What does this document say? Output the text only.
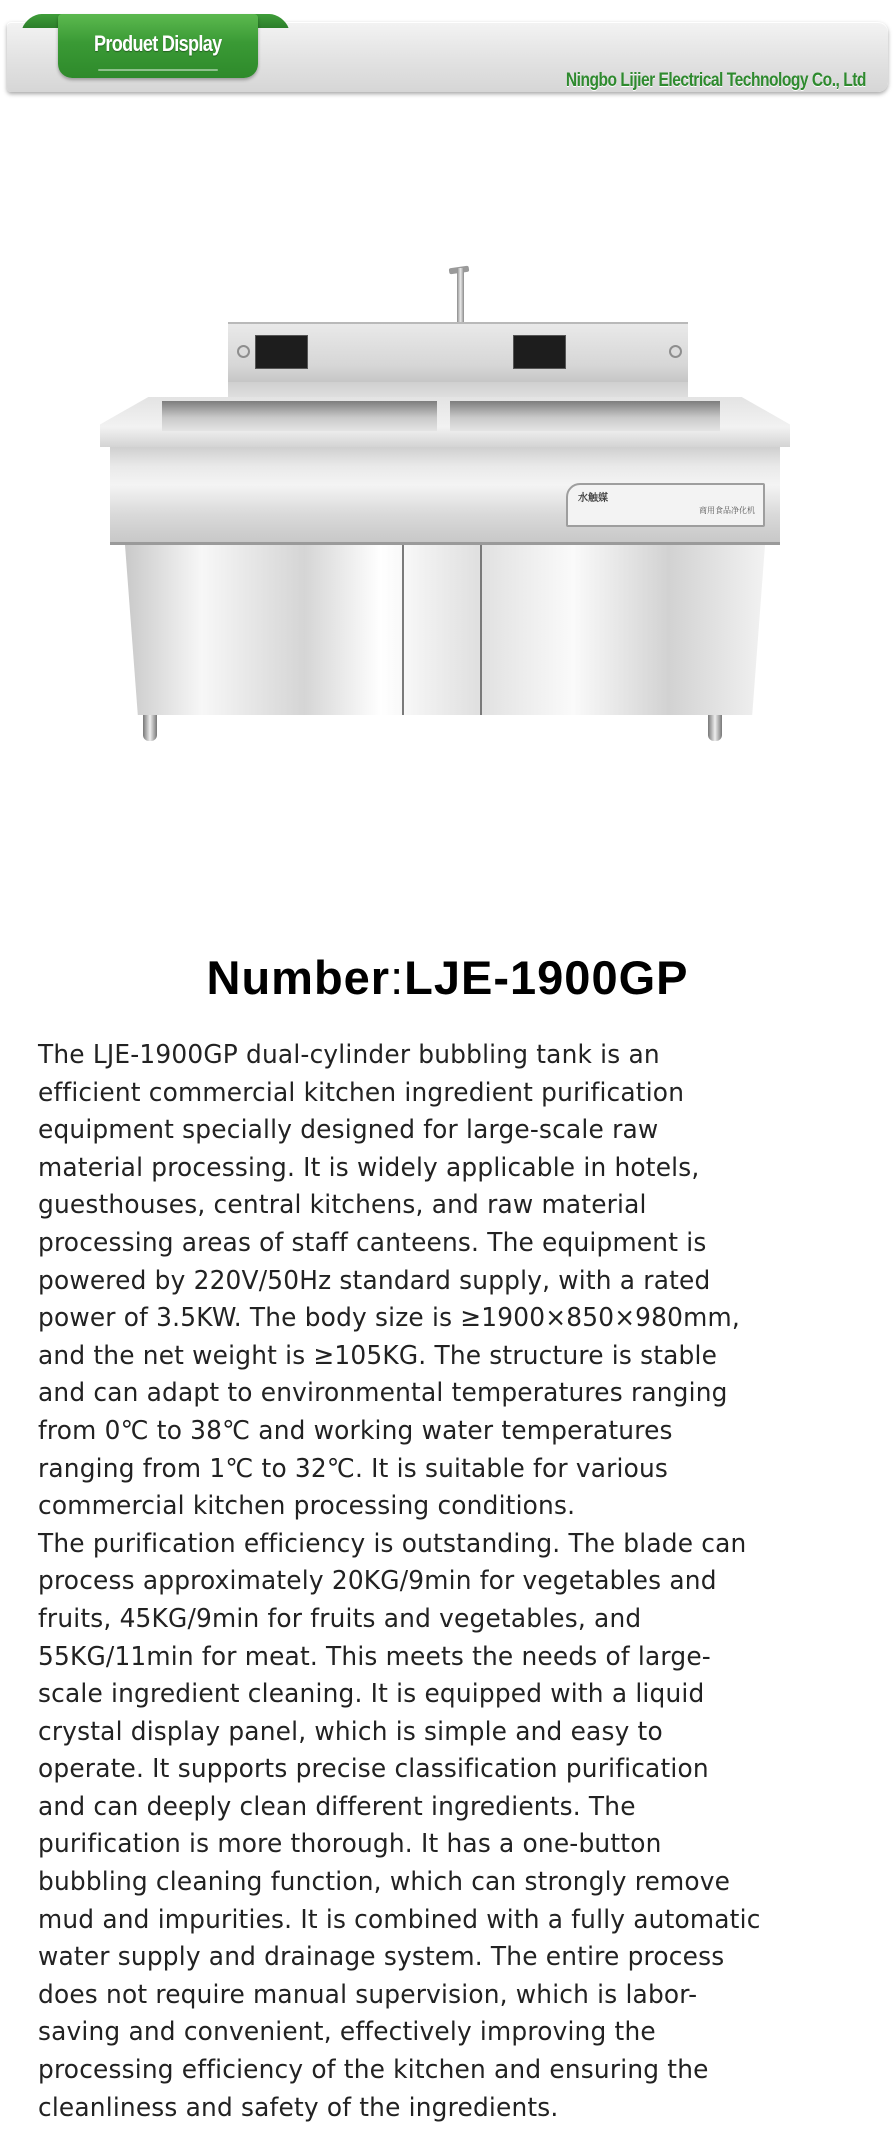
Ningbo Lijier Electrical Technology Co., Ltd
Produet Display
水触媒
商用食品净化机
Number:LJE-1900GP

The LJE-1900GP dual-cylinder bubbling tank is an
efficient commercial kitchen ingredient purification
equipment specially designed for large-scale raw
material processing. It is widely applicable in hotels,
guesthouses, central kitchens, and raw material
processing areas of staff canteens. The equipment is
powered by 220V/50Hz standard supply, with a rated
power of 3.5KW. The body size is ≥1900×850×980mm,
and the net weight is ≥105KG. The structure is stable
and can adapt to environmental temperatures ranging
from 0℃ to 38℃ and working water temperatures
ranging from 1℃ to 32℃. It is suitable for various
commercial kitchen processing conditions.

The purification efficiency is outstanding. The blade can
process approximately 20KG/9min for vegetables and
fruits, 45KG/9min for fruits and vegetables, and
55KG/11min for meat. This meets the needs of large-
scale ingredient cleaning. It is equipped with a liquid
crystal display panel, which is simple and easy to
operate. It supports precise classification purification
and can deeply clean different ingredients. The
purification is more thorough. It has a one-button
bubbling cleaning function, which can strongly remove
mud and impurities. It is combined with a fully automatic
water supply and drainage system. The entire process
does not require manual supervision, which is labor-
saving and convenient, effectively improving the
processing efficiency of the kitchen and ensuring the
cleanliness and safety of the ingredients.
